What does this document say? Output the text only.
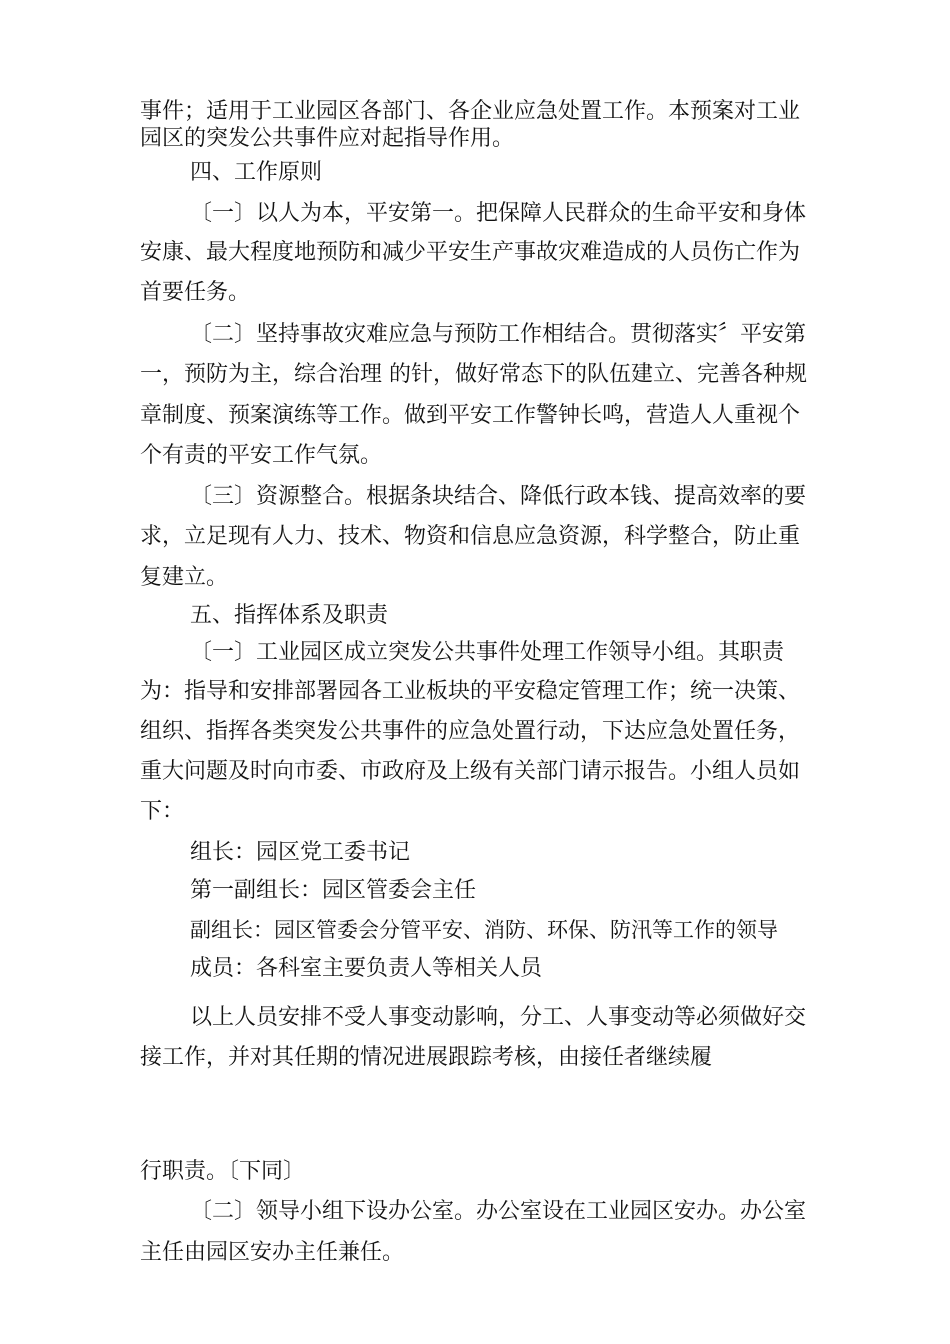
事件；适用于工业园区各部门、各企业应急处置工作。本预案对工业
园区的突发公共事件应对起指导作用。
四、工作原则
〔一〕以人为本，平安第一。把保障人民群众的生命平安和身体
安康、最大程度地预防和减少平安生产事故灾难造成的人员伤亡作为
首要任务。
〔二〕坚持事故灾难应急与预防工作相结合。贯彻落实〞平安第
一，预防为主，综合治理 的针，做好常态下的队伍建立、完善各种规
章制度、预案演练等工作。做到平安工作警钟长鸣，营造人人重视个
个有责的平安工作气氛。
〔三〕资源整合。根据条块结合、降低行政本钱、提高效率的要
求，立足现有人力、技术、物资和信息应急资源，科学整合，防止重
复建立。
五、指挥体系及职责
〔一〕工业园区成立突发公共事件处理工作领导小组。其职责
为：指导和安排部署园各工业板块的平安稳定管理工作；统一决策、
组织、指挥各类突发公共事件的应急处置行动，下达应急处置任务，
重大问题及时向市委、市政府及上级有关部门请示报告。小组人员如
下：
组长：园区党工委书记
第一副组长：园区管委会主任
副组长：园区管委会分管平安、消防、环保、防汛等工作的领导
成员：各科室主要负责人等相关人员
以上人员安排不受人事变动影响，分工、人事变动等必须做好交
接工作，并对其任期的情况进展跟踪考核，由接任者继续履
行职责。〔下同〕
〔二〕领导小组下设办公室。办公室设在工业园区安办。办公室
主任由园区安办主任兼任。
